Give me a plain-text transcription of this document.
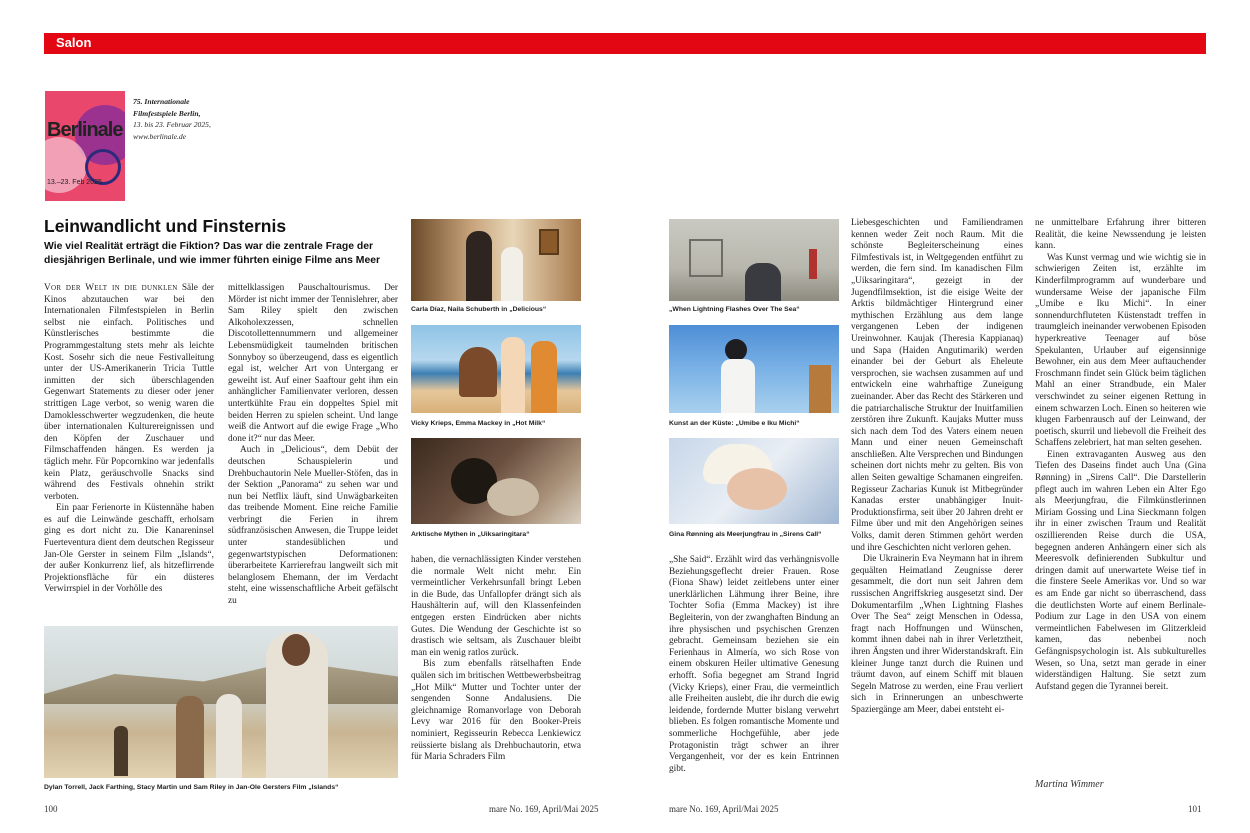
Salon
Berlinale
13.–23. Feb 2025
75. Internationale
Filmfestspiele Berlin,
13. bis 23. Februar 2025,
www.berlinale.de
Leinwandlicht und Finsternis
Wie viel Realität erträgt die Fiktion? Das war die zentrale Frage der diesjährigen Berlinale, und wie immer führten einige Filme ans Meer

Vor der Welt in die dunklen Säle der Kinos abzutauchen war bei den Internationalen Filmfestspielen in Berlin selbst nie einfach. Politisches und Künstlerisches bestimmte die Programmgestaltung stets mehr als leichte Kost. Sosehr sich die neue Festivalleitung unter der US-Amerikanerin Tricia Tuttle inmitten der sich überschlagenden Gegenwart Statements zu dieser oder jener strittigen Lage verbot, so wenig waren die Damoklesschwerter wegzudenken, die heute über internationalen Kulturereignissen und den Köpfen der Zuschauer und Filmschaffenden hängen. Es werden ja täglich mehr. Für Popcornkino war jedenfalls kein Platz, geräuschvolle Snacks sind während des Festivals ohnehin strikt verboten.

Ein paar Ferienorte in Küstennähe haben es auf die Leinwände geschafft, erholsam ging es dort nicht zu. Die Kanareninsel Fuerteventura dient dem deutschen Regisseur Jan-Ole Gerster in seinem Film „Islands“, der außer Konkurrenz lief, als hitzeflirrende Projektionsfläche für ein düsteres Verwirrspiel in der Vorhölle des

mittelklassigen Pauschaltourismus. Der Mörder ist nicht immer der Tennislehrer, aber Sam Riley spielt den zwischen Alkoholexzessen, schnellen Discotollettennummern und allgemeiner Lebensmüdigkeit taumelnden britischen Sonnyboy so überzeugend, dass es eigentlich egal ist, welcher Art von Untergang er geweiht ist. Auf einer Saaftour geht ihm ein anhänglicher Familienvater verloren, dessen untertkühlte Frau ein doppeltes Spiel mit beiden Herren zu spielen scheint. Und lange weiß die Antwort auf die ewige Frage „Who done it?“ nur das Meer.

Auch in „Delicious“, dem Debüt der deutschen Schauspielerin und Drehbuchautorin Nele Mueller-Stöfen, das in der Sektion „Panorama“ zu sehen war und nun bei Netflix läuft, sind Unwägbarkeiten das treibende Moment. Eine reiche Familie verbringt die Ferien in ihrem südfranzösischen Anwesen, die Truppe leidet unter standesüblichen und gegenwartstypischen Deformationen: überarbeitete Karrierefrau langweilt sich mit belanglosem Ehemann, der im Verdacht steht, eine wissenschaftliche Arbeit gefälscht zu

haben, die vernachlässigten Kinder verstehen die normale Welt nicht mehr. Ein vermeintlicher Verkehrsunfall bringt Leben in die Bude, das Unfallopfer drängt sich als Haushälterin auf, will den Klassenfeinden entgegen ersten Eindrücken aber nichts Gutes. Die Wendung der Geschichte ist so drastisch wie seltsam, als Zuschauer bleibt man ein wenig ratlos zurück.

Bis zum ebenfalls rätselhaften Ende quälen sich im britischen Wettbewerbsbeitrag „Hot Milk“ Mutter und Tochter unter der sengenden Sonne Andalusiens. Die gleichnamige Romanvorlage von Deborah Levy war 2016 für den Booker-Preis nominiert, Regisseurin Rebecca Lenkiewicz reüssierte bislang als Drehbuchautorin, etwa für Maria Schraders Film

Carla Díaz, Naila Schuberth in „Delicious“
Vicky Krieps, Emma Mackey in „Hot Milk“
Arktische Mythen in „Uiksaringitara“
Dylan Torrell, Jack Farthing, Stacy Martin und Sam Riley in Jan-Ole Gersters Film „Islands“
100	mare No. 169, April/Mai 2025
„When Lightning Flashes Over The Sea“
Kunst an der Küste: „Umibe e Iku Michi“
Gina Rønning als Meerjungfrau in „Sirens Call“

„She Said“. Erzählt wird das verhängnisvolle Beziehungsgeflecht dreier Frauen. Rose (Fiona Shaw) leidet zeitlebens unter einer unerklärlichen Lähmung ihrer Beine, ihre Tochter Sofia (Emma Mackey) ist ihre Begleiterin, von der zwanghaften Bindung an ihre physischen und psychischen Grenzen gebracht. Gemeinsam beziehen sie ein Ferienhaus in Almería, wo sich Rose von einem obskuren Heiler ultimative Genesung erhofft. Sofia begegnet am Strand Ingrid (Vicky Krieps), einer Frau, die vermeintlich alle Freiheiten auslebt, die ihr durch die ewig leidende, fordernde Mutter bislang verwehrt blieben. Es folgen romantische Momente und sommerliche Hochgefühle, aber jede Protagonistin trägt schwer an ihrer Vergangenheit, vor der es kein Entrinnen gibt.

Liebesgeschichten und Familiendramen kennen weder Zeit noch Raum. Mit die schönste Begleiterscheinung eines Filmfestivals ist, in Weltgegenden entführt zu werden, die fern sind. Im kanadischen Film „Uiksaringitara“, gezeigt in der Jugendfilmsektion, ist die eisige Weite der Arktis bildmächtiger Hintergrund einer mythischen Erzählung aus dem lange vergangenen Leben der indigenen Ureinwohner. Kaujak (Theresia Kappianaq) und Sapa (Haiden Angutimarik) werden einander bei der Geburt als Eheleute versprochen, sie wachsen zusammen auf und entwickeln eine wahrhaftige Zuneigung zueinander. Aber das Recht des Stärkeren und die patriarchalische Struktur der Inuitfamilien zerstören ihre Zukunft. Kaujaks Mutter muss sich nach dem Tod des Vaters einem neuen Mann und einer neuen Gemeinschaft anschließen. Alte Versprechen und Bindungen scheinen dort nichts mehr zu gelten. Bis von allen Seiten gewaltige Schamanen eingreifen. Regisseur Zacharias Kunuk ist Mitbegründer Kanadas erster unabhängiger Inuit-Produktionsfirma, seit über 20 Jahren dreht er Filme über und mit den Angehörigen seines Volks, damit deren Stimmen gehört werden und ihre Geschichten nicht verloren gehen.

Die Ukrainerin Eva Neymann hat in ihrem gequälten Heimatland Zeugnisse derer gesammelt, die dort nun seit Jahren dem russischen Angriffskrieg ausgesetzt sind. Der Dokumentarfilm „When Lightning Flashes Over The Sea“ zeigt Menschen in Odessa, fragt nach Hoffnungen und Wünschen, kommt ihnen dabei nah in ihrer Verletztheit, ihren Ängsten und ihrer Widerstandskraft. Ein kleiner Junge tanzt durch die Ruinen und träumt davon, auf einem Schiff mit blauen Segeln Matrose zu werden, eine Frau verliert sich in Erinnerungen an unbeschwerte Spaziergänge am Meer, dabei entsteht ei-

ne unmittelbare Erfahrung ihrer bitteren Realität, die keine Newssendung je leisten kann.

Was Kunst vermag und wie wichtig sie in schwierigen Zeiten ist, erzählte im Kinderfilmprogramm auf wunderbare und wundersame Weise der japanische Film „Umibe e Iku Michi“. In einer sonnendurchfluteten Küstenstadt treffen in traumgleich ineinander verwobenen Episoden hyperkreative Teenager auf böse Spekulanten, Urlauber auf eigensinnige Bewohner, ein aus dem Meer auftauchender Froschmann findet sein Glück beim täglichen Mahl an einer Strandbude, ein Maler verschwindet zu seiner eigenen Rettung in einem schwarzen Loch. Einen so heiteren wie klugen Farbenrausch auf der Leinwand, der poetisch, skurril und liebevoll die Freiheit des Schaffens zelebriert, hat man selten gesehen.

Einen extravaganten Ausweg aus den Tiefen des Daseins findet auch Una (Gina Rønning) in „Sirens Call“. Die Darstellerin pflegt auch im wahren Leben ein Alter Ego als Meerjungfrau, die Filmkünstlerinnen Miriam Gossing und Lina Sieckmann folgen ihr in einer zwischen Traum und Realität oszillierenden Reise durch die USA, begegnen anderen Anhängern einer sich als Meeresvolk definierenden Subkultur und dringen damit auf unerwartete Weise tief in die finstere Seele Amerikas vor. Und so war es am Ende gar nicht so überraschend, dass die deutlichsten Worte auf einem Berlinale-Podium zur Lage in den USA von einem vermeintlichen Fabelwesen im Glitzerkleid kamen, das nebenbei noch Gefängnispsychologin ist. Als subkulturelles Wesen, so Una, setzt man gerade in einer widerständigen Haltung. Sie setzt zum Aufstand gegen die Tyrannei bereit.

Martina Wimmer
mare No. 169, April/Mai 2025	101
